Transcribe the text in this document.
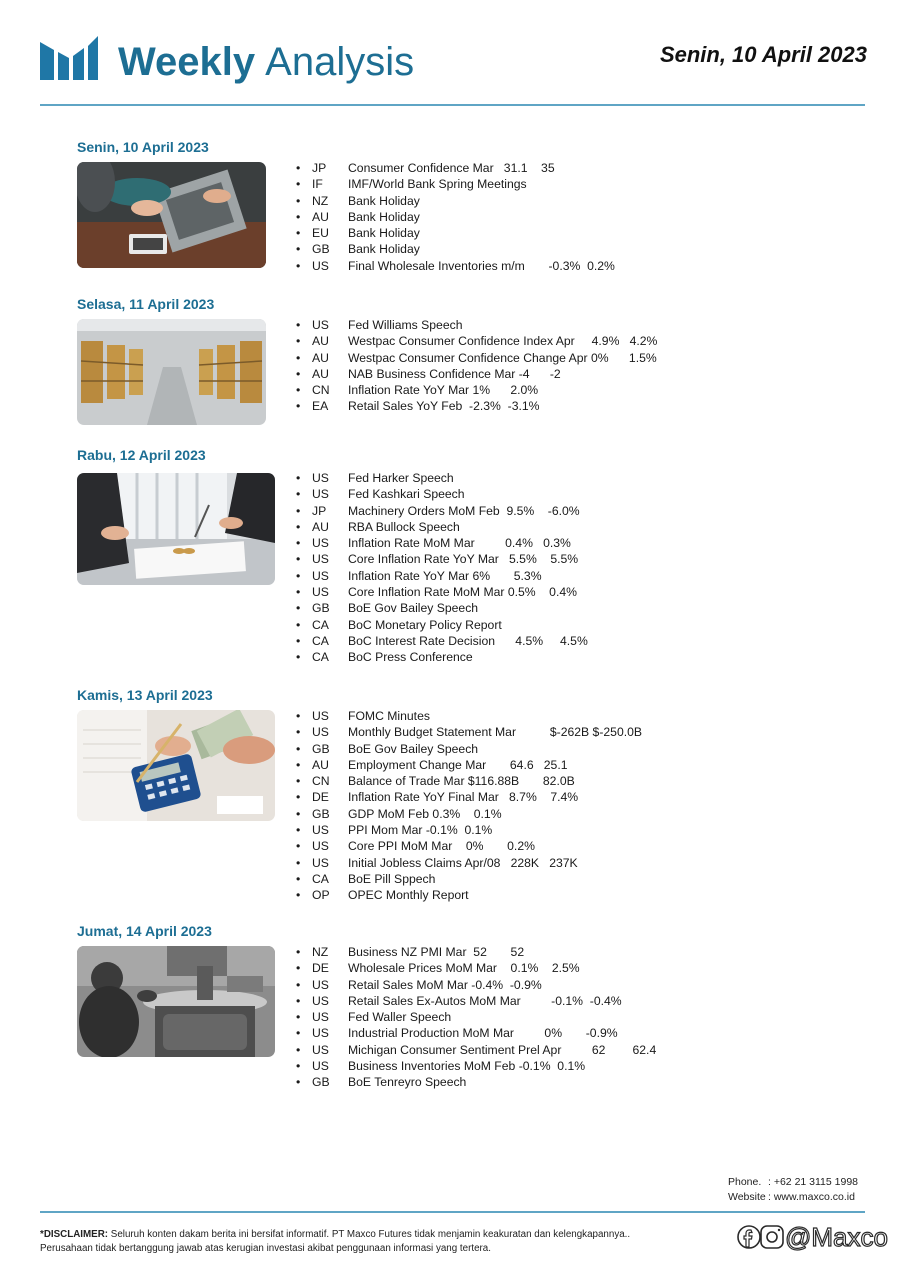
Weekly Analysis	Senin, 10 April 2023
Senin, 10 April 2023
• JP Consumer Confidence Mar   31.1    35
• IF IMF/World Bank Spring Meetings
• NZ Bank Holiday
• AU Bank Holiday
• EU Bank Holiday
• GB Bank Holiday
• US Final Wholesale Inventories m/m       -0.3%  0.2%
Selasa, 11 April 2023
• US Fed Williams Speech
• AU Westpac Consumer Confidence Index Apr     4.9%   4.2%
• AU Westpac Consumer Confidence Change Apr 0%      1.5%
• AU NAB Business Confidence Mar -4      -2
• CN Inflation Rate YoY Mar 1%      2.0%
• EA Retail Sales YoY Feb  -2.3%  -3.1%
Rabu, 12 April 2023
• US Fed Harker Speech
• US Fed Kashkari Speech
• JP Machinery Orders MoM Feb  9.5%    -6.0%
• AU RBA Bullock Speech
• US Inflation Rate MoM Mar         0.4%   0.3%
• US Core Inflation Rate YoY Mar   5.5%    5.5%
• US Inflation Rate YoY Mar 6%       5.3%
• US Core Inflation Rate MoM Mar 0.5%    0.4%
• GB BoE Gov Bailey Speech
• CA BoC Monetary Policy Report
• CA BoC Interest Rate Decision      4.5%     4.5%
• CA BoC Press Conference
Kamis, 13 April 2023
• US FOMC Minutes
• US Monthly Budget Statement Mar          $-262B $-250.0B
• GB BoE Gov Bailey Speech
• AU Employment Change Mar       64.6   25.1
• CN Balance of Trade Mar $116.88B       82.0B
• DE Inflation Rate YoY Final Mar   8.7%    7.4%
• GB GDP MoM Feb 0.3%    0.1%
• US PPI Mom Mar -0.1%  0.1%
• US Core PPI MoM Mar    0%       0.2%
• US Initial Jobless Claims Apr/08   228K   237K
• CA BoE Pill Sppech
• OP OPEC Monthly Report
Jumat, 14 April 2023
• NZ Business NZ PMI Mar  52       52
• DE Wholesale Prices MoM Mar    0.1%    2.5%
• US Retail Sales MoM Mar -0.4%  -0.9%
• US Retail Sales Ex-Autos MoM Mar         -0.1%  -0.4%
• US Fed Waller Speech
• US Industrial Production MoM Mar         0%       -0.9%
• US Michigan Consumer Sentiment Prel Apr         62        62.4
• US Business Inventories MoM Feb -0.1%  0.1%
• GB BoE Tenreyro Speech
Phone. : +62 21 3115 1998
Website : www.maxco.co.id
*DISCLAIMER: Seluruh konten dakam berita ini bersifat informatif. PT Maxco Futures tidak menjamin keakuratan dan kelengkapannya..
Perusahaan tidak bertanggung jawab atas kerugian investasi akibat penggunaan informasi yang tertera.	@Maxco
